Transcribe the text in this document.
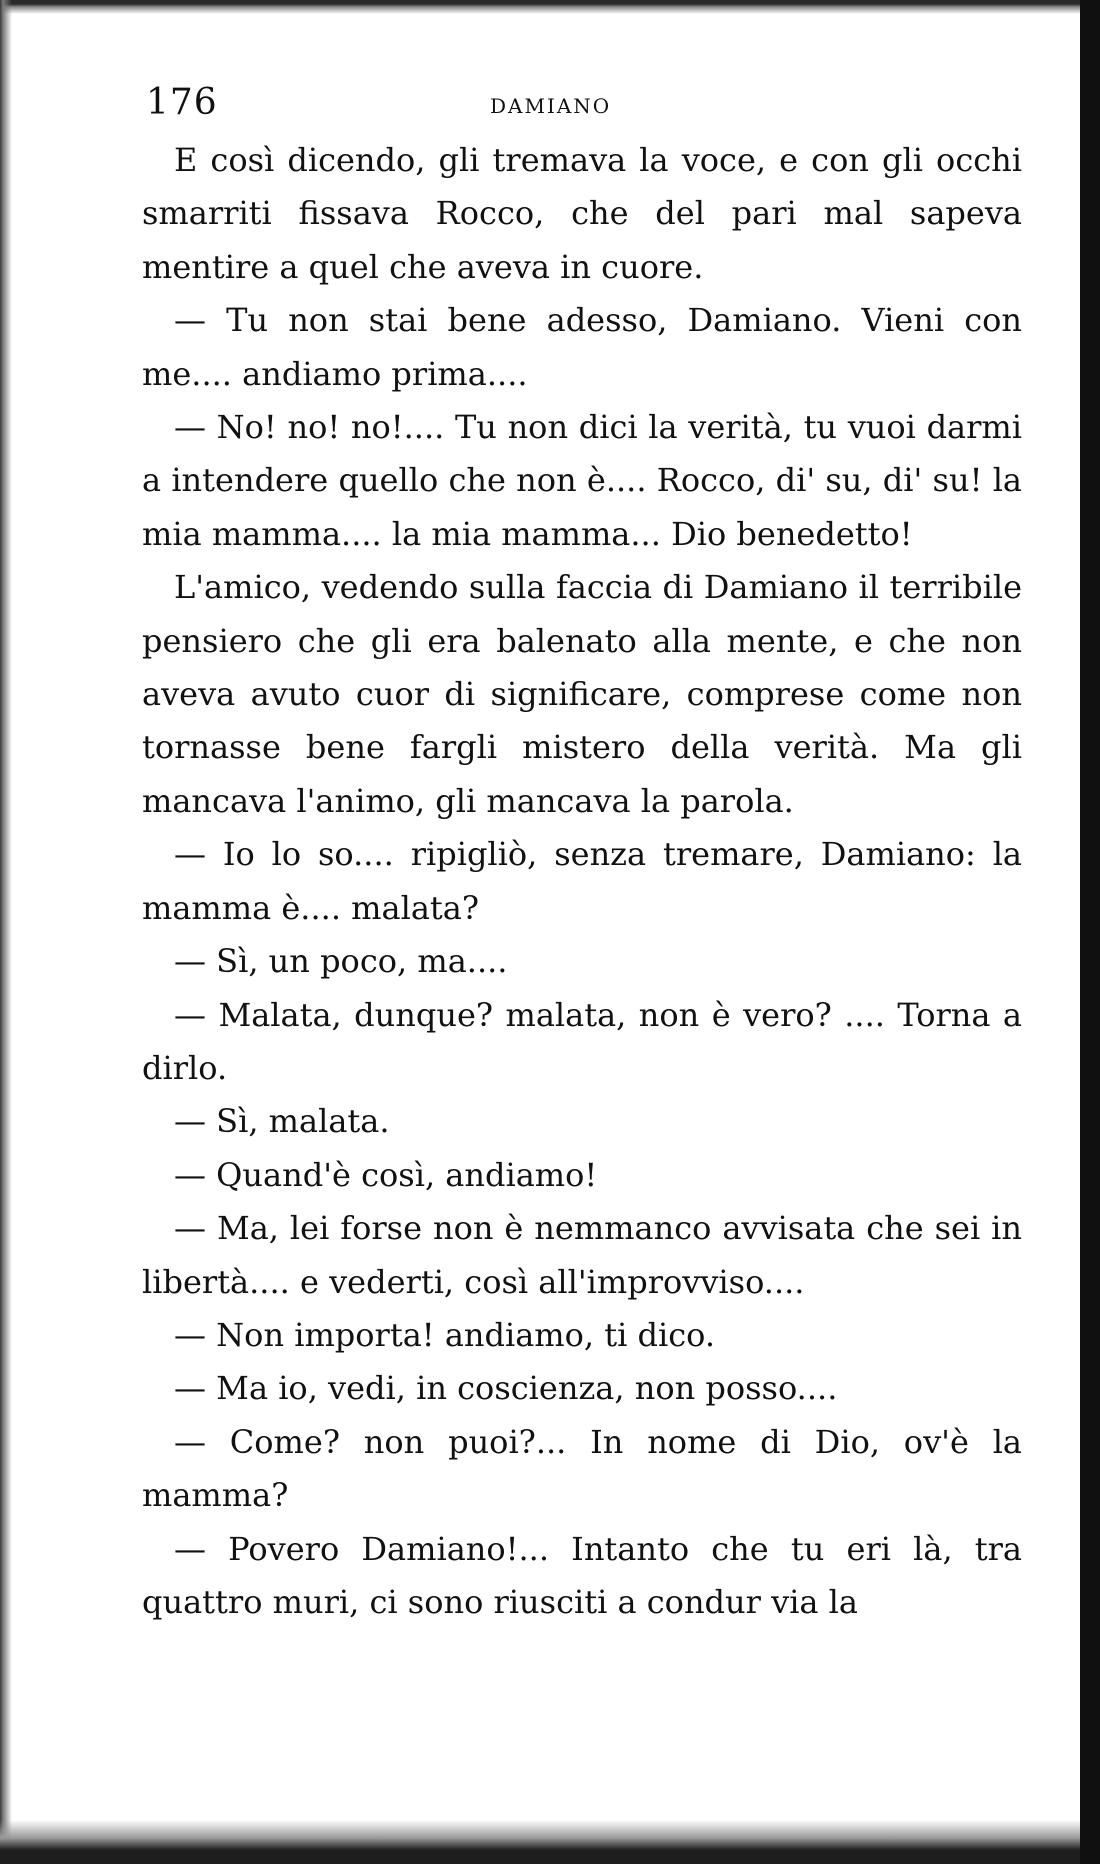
176	DAMIANO

E così dicendo, gli tremava la voce, e con gli occhi smarriti fissava Rocco, che del pari mal sapeva mentire a quel che aveva in cuore.

— Tu non stai bene adesso, Damiano. Vieni con me.... andiamo prima....

— No! no! no!.... Tu non dici la verità, tu vuoi darmi a intendere quello che non è.... Rocco, di' su, di' su! la mia mamma.... la mia mamma... Dio benedetto!

L'amico, vedendo sulla faccia di Damiano il terribile pensiero che gli era balenato alla mente, e che non aveva avuto cuor di significare, comprese come non tornasse bene fargli mistero della verità. Ma gli mancava l'animo, gli mancava la parola.

— Io lo so.... ripigliò, senza tremare, Damiano: la mamma è.... malata?

— Sì, un poco, ma....

— Malata, dunque? malata, non è vero? .... Torna a dirlo.

— Sì, malata.

— Quand'è così, andiamo!

— Ma, lei forse non è nemmanco avvisata che sei in libertà.... e vederti, così all'improvviso....

— Non importa! andiamo, ti dico.

— Ma io, vedi, in coscienza, non posso....

— Come? non puoi?... In nome di Dio, ov'è la mamma?

— Povero Damiano!... Intanto che tu eri là, tra quattro muri, ci sono riusciti a condur via la
